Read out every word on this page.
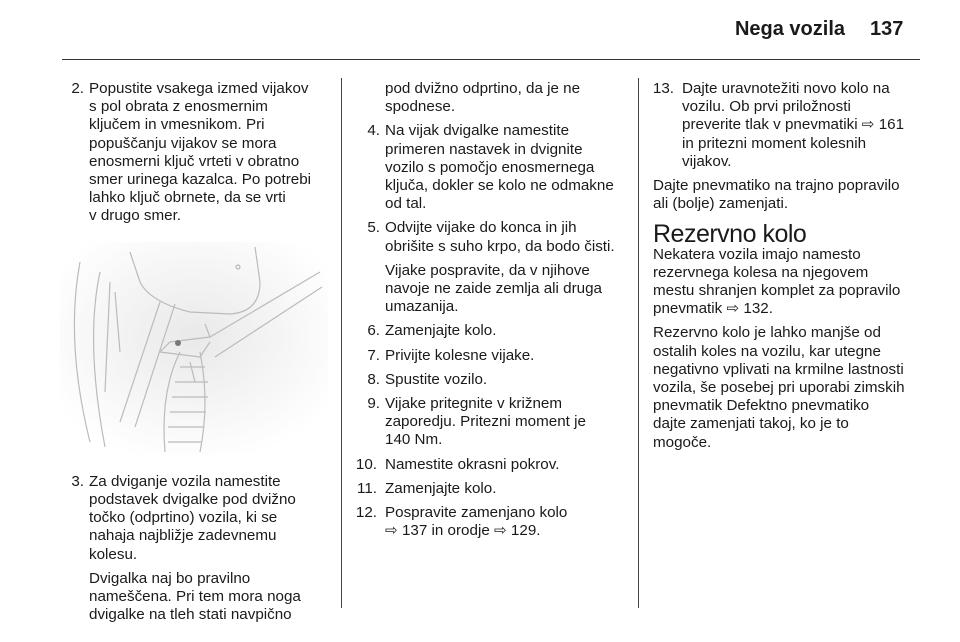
Nega vozila 137
2. Popustite vsakega izmed vijakov
s pol obrata z enosmernim
ključem in vmesnikom. Pri
popuščanju vijakov se mora
enosmerni ključ vrteti v obratno
smer urinega kazalca. Po potrebi
lahko ključ obrnete, da se vrti
v drugo smer.
3. Za dviganje vozila namestite
podstavek dvigalke pod dvižno
točko (odprtino) vozila, ki se
nahaja najbližje zadevnemu
kolesu.
Dvigalka naj bo pravilno
nameščena. Pri tem mora noga
dvigalke na tleh stati navpično
pod dvižno odprtino, da je ne
spodnese.
4. Na vijak dvigalke namestite
primeren nastavek in dvignite
vozilo s pomočjo enosmernega
ključa, dokler se kolo ne odmakne
od tal.
5. Odvijte vijake do konca in jih
obrišite s suho krpo, da bodo čisti.
Vijake pospravite, da v njihove
navoje ne zaide zemlja ali druga
umazanija.
6. Zamenjajte kolo.
7. Privijte kolesne vijake.
8. Spustite vozilo.
9. Vijake pritegnite v križnem
zaporedju. Pritezni moment je
140 Nm.
10. Namestite okrasni pokrov.
11. Zamenjajte kolo.
12. Pospravite zamenjano kolo
⇨ 137 in orodje ⇨ 129.
13. Dajte uravnotežiti novo kolo na
vozilu. Ob prvi priložnosti
preverite tlak v pnevmatiki ⇨ 161
in pritezni moment kolesnih
vijakov.
Dajte pnevmatiko na trajno popravilo
ali (bolje) zamenjati.
Rezervno kolo
Nekatera vozila imajo namesto
rezervnega kolesa na njegovem
mestu shranjen komplet za popravilo
pnevmatik ⇨ 132.
Rezervno kolo je lahko manjše od
ostalih koles na vozilu, kar utegne
negativno vplivati na krmilne lastnosti
vozila, še posebej pri uporabi zimskih
pnevmatik Defektno pnevmatiko
dajte zamenjati takoj, ko je to
mogoče.
